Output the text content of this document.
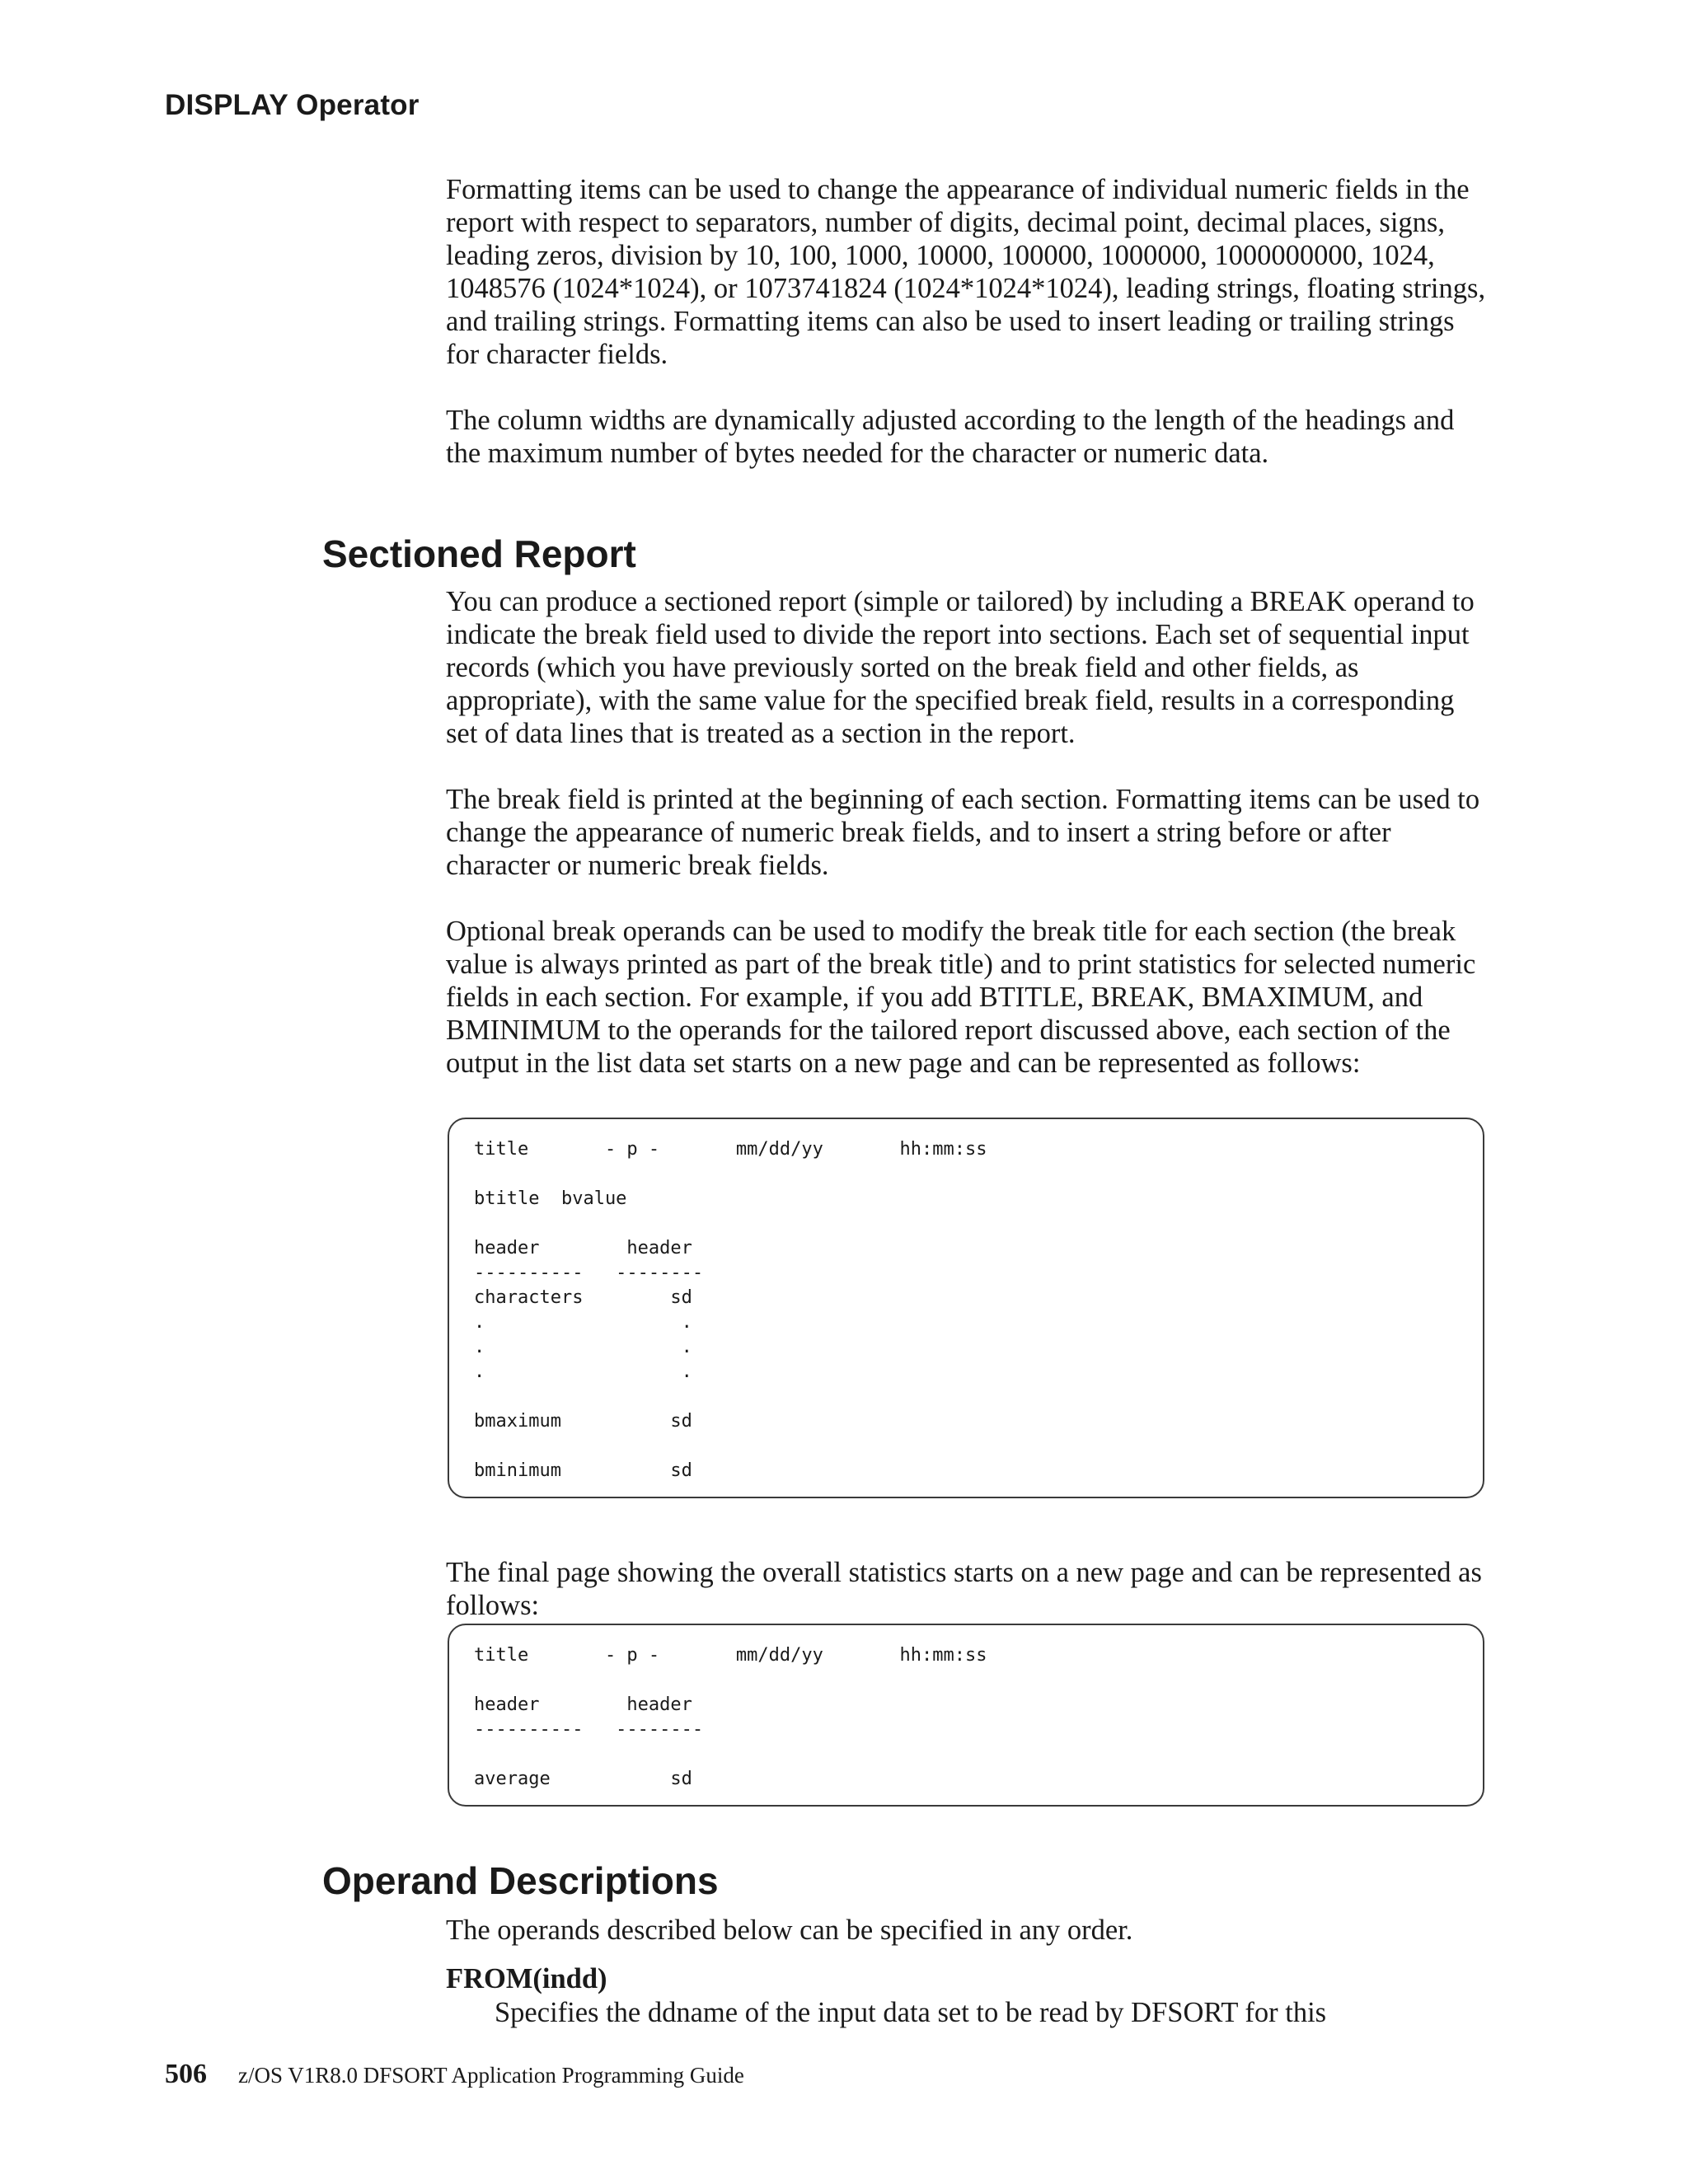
DISPLAY Operator

Formatting items can be used to change the appearance of individual numeric fields in the report with respect to separators, number of digits, decimal point, decimal places, signs, leading zeros, division by 10, 100, 1000, 10000, 100000, 1000000, 1000000000, 1024, 1048576 (1024*1024), or 1073741824 (1024*1024*1024), leading strings, floating strings, and trailing strings. Formatting items can also be used to insert leading or trailing strings for character fields.

The column widths are dynamically adjusted according to the length of the headings and the maximum number of bytes needed for the character or numeric data.

Sectioned Report

You can produce a sectioned report (simple or tailored) by including a BREAK operand to indicate the break field used to divide the report into sections. Each set of sequential input records (which you have previously sorted on the break field and other fields, as appropriate), with the same value for the specified break field, results in a corresponding set of data lines that is treated as a section in the report.

The break field is printed at the beginning of each section. Formatting items can be used to change the appearance of numeric break fields, and to insert a string before or after character or numeric break fields.

Optional break operands can be used to modify the break title for each section (the break value is always printed as part of the break title) and to print statistics for selected numeric fields in each section. For example, if you add BTITLE, BREAK, BMAXIMUM, and BMINIMUM to the operands for the tailored report discussed above, each section of the output in the list data set starts on a new page and can be represented as follows:

title       - p -       mm/dd/yy       hh:mm:ss
btitle  bvalue
header        header
----------   --------
characters        sd
.                  .
.                  .
.                  .
bmaximum          sd
bminimum          sd

The final page showing the overall statistics starts on a new page and can be represented as follows:

title       - p -       mm/dd/yy       hh:mm:ss
header        header
----------   --------
average           sd
Operand Descriptions

The operands described below can be specified in any order.

FROM(indd)

Specifies the ddname of the input data set to be read by DFSORT for this

506 z/OS V1R8.0 DFSORT Application Programming Guide
